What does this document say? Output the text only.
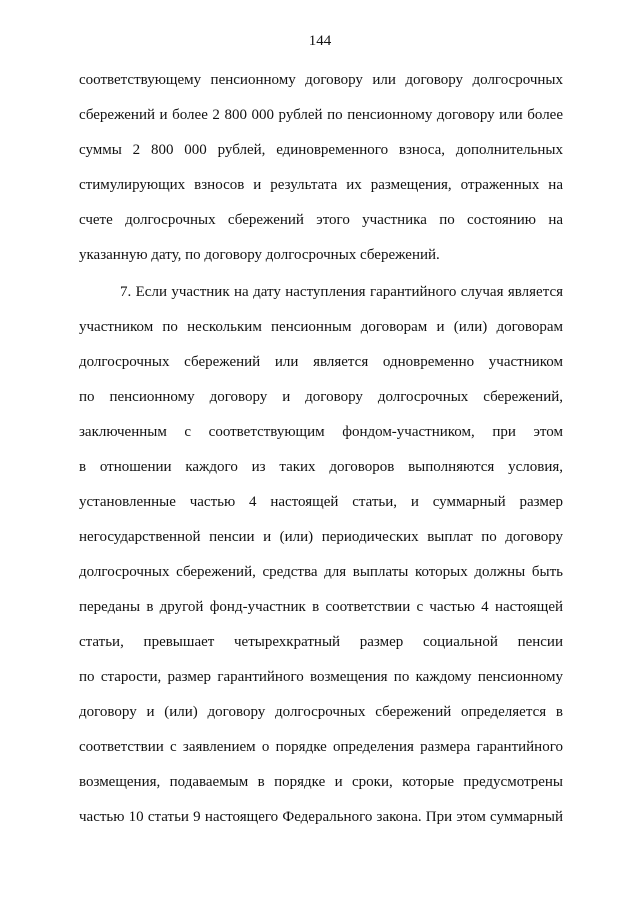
144
соответствующему пенсионному договору или договору долгосрочных
сбережений и более 2 800 000 рублей по пенсионному договору или более
суммы 2 800 000 рублей, единовременного взноса, дополнительных
стимулирующих взносов и результата их размещения, отраженных на
счете долгосрочных сбережений этого участника по состоянию на
указанную дату, по договору долгосрочных сбережений.
7. Если участник на дату наступления гарантийного случая является
участником по нескольким пенсионным договорам и (или) договорам
долгосрочных сбережений или является одновременно участником
по пенсионному договору и договору долгосрочных сбережений,
заключенным с соответствующим фондом-участником, при этом
в отношении каждого из таких договоров выполняются условия,
установленные частью 4 настоящей статьи, и суммарный размер
негосударственной пенсии и (или) периодических выплат по договору
долгосрочных сбережений, средства для выплаты которых должны быть
переданы в другой фонд-участник в соответствии с частью 4 настоящей
статьи, превышает четырехкратный размер социальной пенсии
по старости, размер гарантийного возмещения по каждому пенсионному
договору и (или) договору долгосрочных сбережений определяется в
соответствии с заявлением о порядке определения размера гарантийного
возмещения, подаваемым в порядке и сроки, которые предусмотрены
частью 10 статьи 9 настоящего Федерального закона. При этом суммарный
